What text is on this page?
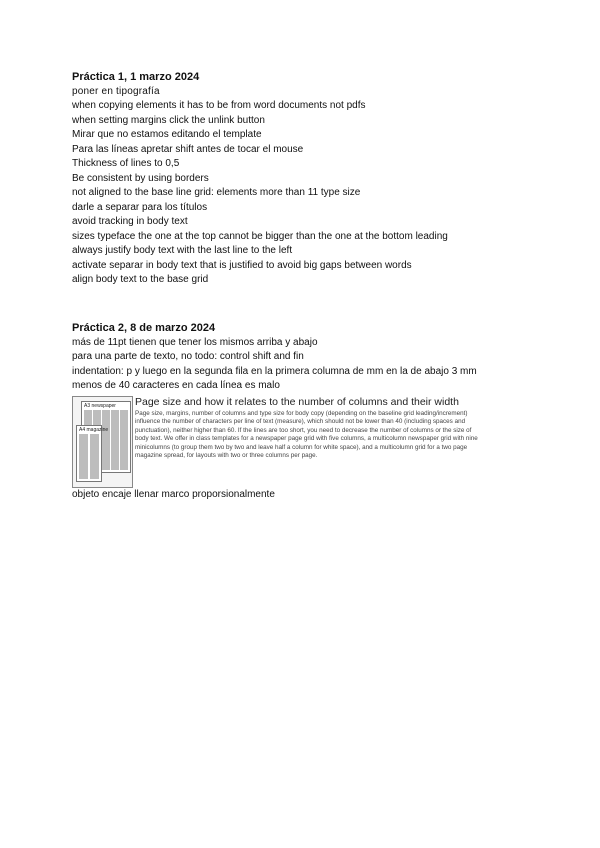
Práctica 1, 1 marzo 2024
poner en tipografía
when copying elements it has to be from word documents not pdfs
when setting margins click the unlink button
Mirar que no estamos editando el template
Para las líneas apretar shift antes de tocar el mouse
Thickness of lines to 0,5
Be consistent by using borders
not aligned to the base line grid: elements more than 11 type size
darle a separar para los títulos
avoid tracking in body text
sizes typeface the one at the top cannot be bigger than the one at the bottom leading
always justify body text with the last line to the left
activate separar in body text that is justified to avoid big gaps between words
align body text to the base grid
Práctica 2, 8 de marzo 2024
más de 11pt tienen que tener los mismos arriba y abajo
para una parte de texto, no todo: control shift and fin
indentation: p y luego en la segunda fila en la primera columna de mm en la de abajo 3 mm
menos de 40 caracteres en cada línea es malo
A3 newspaper
A4 magazine
Page size and how it relates to the number of columns and their width
Page size, margins, number of columns and type size for body copy (depending on the baseline grid leading/increment) influence the number of characters per line of text (measure), which should not be lower than 40 (including spaces and punctuation), neither higher than 60. If the lines are too short, you need to decrease the number of columns or the size of body text. We offer in class templates for a newspaper page grid with five columns, a multicolumn newspaper grid with nine minicolumns (to group them two by two and leave half a column for white space), and a multicolumn grid for a two page magazine spread, for layouts with two or three columns per page.
objeto encaje llenar marco proporsionalmente
